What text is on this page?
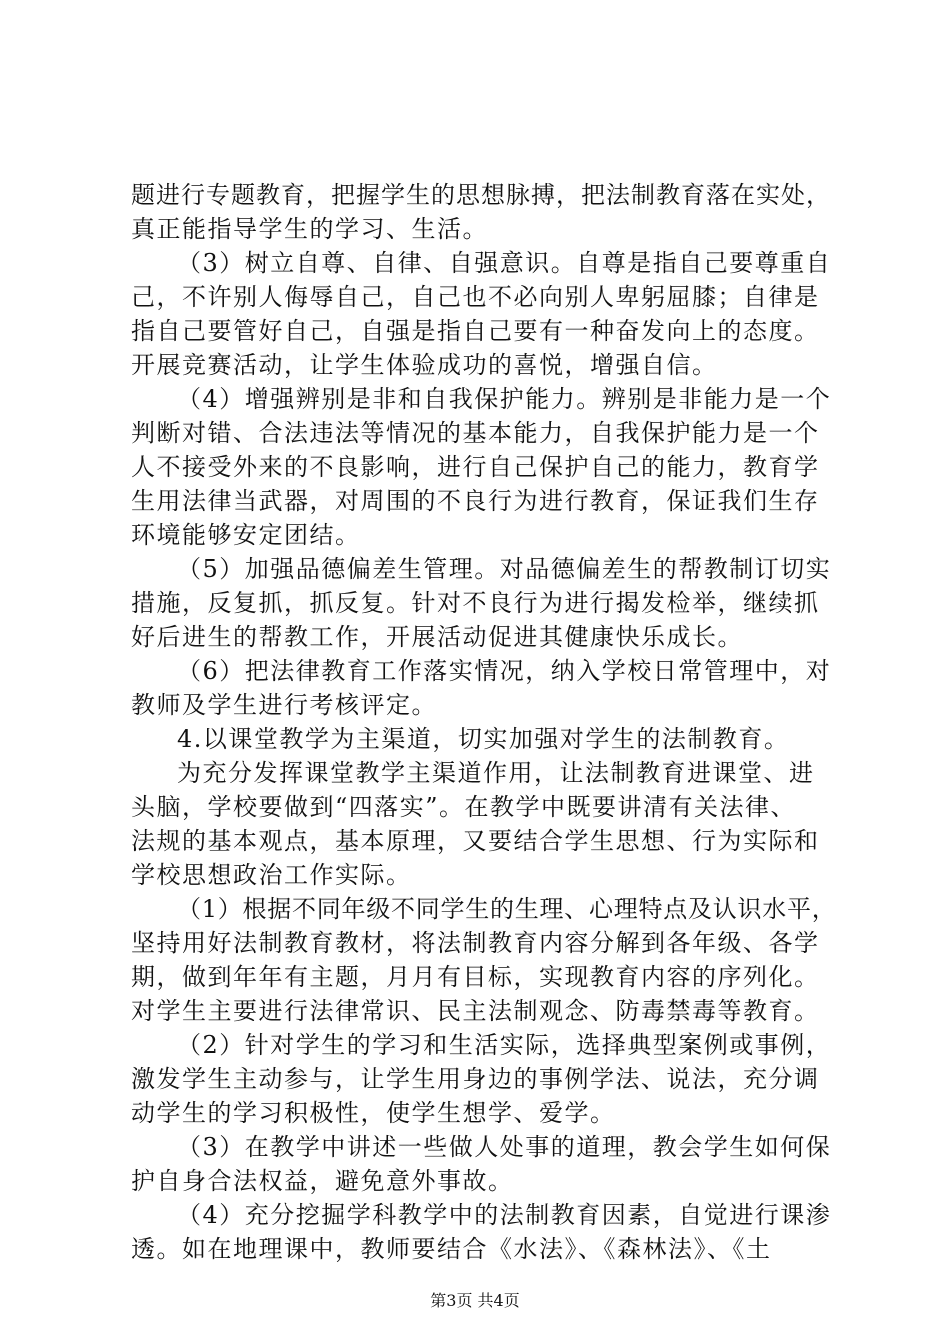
题进行专题教育，把握学生的思想脉搏，把法制教育落在实处，
真正能指导学生的学习、生活。
（3）树立自尊、自律、自强意识。自尊是指自己要尊重自
己，不许别人侮辱自己，自己也不必向别人卑躬屈膝；自律是
指自己要管好自己，自强是指自己要有一种奋发向上的态度。
开展竞赛活动，让学生体验成功的喜悦，增强自信。
（4）增强辨别是非和自我保护能力。辨别是非能力是一个
判断对错、合法违法等情况的基本能力，自我保护能力是一个
人不接受外来的不良影响，进行自己保护自己的能力，教育学
生用法律当武器，对周围的不良行为进行教育，保证我们生存
环境能够安定团结。
（5）加强品德偏差生管理。对品德偏差生的帮教制订切实
措施，反复抓，抓反复。针对不良行为进行揭发检举，继续抓
好后进生的帮教工作，开展活动促进其健康快乐成长。
（6）把法律教育工作落实情况，纳入学校日常管理中，对
教师及学生进行考核评定。
4.以课堂教学为主渠道，切实加强对学生的法制教育。
为充分发挥课堂教学主渠道作用，让法制教育进课堂、进
头脑，学校要做到“四落实”。在教学中既要讲清有关法律、
法规的基本观点，基本原理，又要结合学生思想、行为实际和
学校思想政治工作实际。
（1）根据不同年级不同学生的生理、心理特点及认识水平，
坚持用好法制教育教材，将法制教育内容分解到各年级、各学
期，做到年年有主题，月月有目标，实现教育内容的序列化。
对学生主要进行法律常识、民主法制观念、防毒禁毒等教育。
（2）针对学生的学习和生活实际，选择典型案例或事例，
激发学生主动参与，让学生用身边的事例学法、说法，充分调
动学生的学习积极性，使学生想学、爱学。
（3）在教学中讲述一些做人处事的道理，教会学生如何保
护自身合法权益，避免意外事故。
（4）充分挖掘学科教学中的法制教育因素，自觉进行课渗
透。如在地理课中，教师要结合《水法》、《森林法》、《土
第3页 共4页
